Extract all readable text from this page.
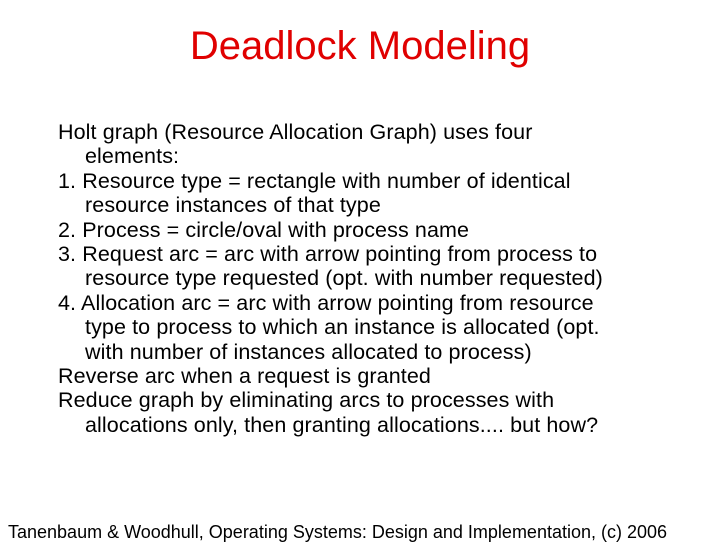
Deadlock Modeling
Holt graph (Resource Allocation Graph) uses four
elements:
1. Resource type = rectangle with number of identical
resource instances of that type
2. Process = circle/oval with process name
3. Request arc = arc with arrow pointing from process to
resource type requested (opt. with number requested)
4. Allocation arc = arc with arrow pointing from resource
type to process to which an instance is allocated (opt.
with number of instances allocated to process)
Reverse arc when a request is granted
Reduce graph by eliminating arcs to processes with
allocations only, then granting allocations.... but how?
Tanenbaum & Woodhull, Operating Systems: Design and Implementation, (c) 2006
